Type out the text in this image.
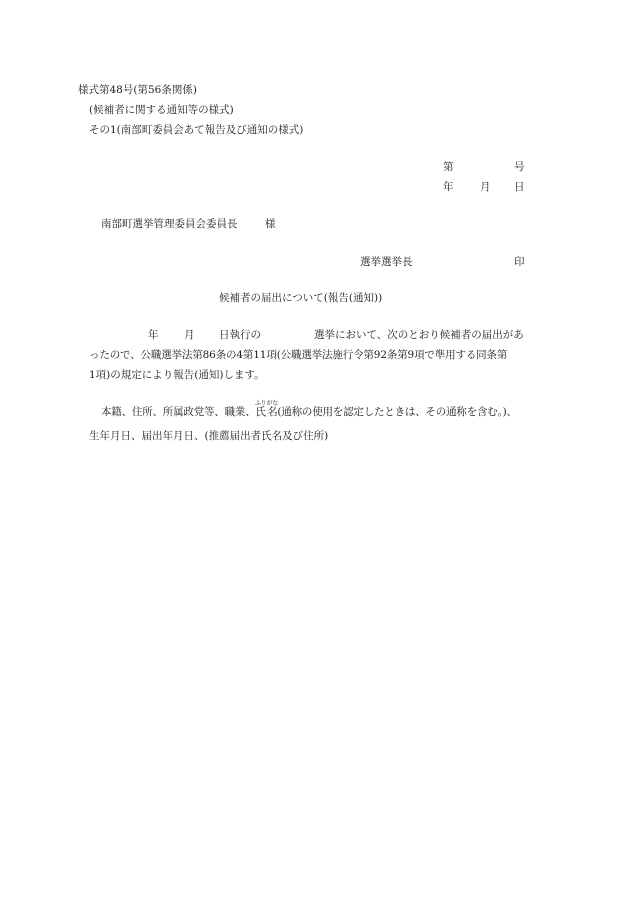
様式第48号(第56条関係)
(候補者に関する通知等の様式)
その1(南部町委員会あて報告及び通知の様式)
第	号
年	月 日
南部町選挙管理委員会委員長	様
選挙選挙長	印
候補者の届出について(報告(通知))
年 月 日執行の	選挙において、次のとおり候補者の届出があ
ったので、公職選挙法第86条の4第11項(公職選挙法施行令第92条第9項で準用する同条第
1項)の規定により報告(通知)します。
本籍、住所、所属政党等、職業、氏名ふりがな(通称の使用を認定したときは、その通称を含む。)、
生年月日、届出年月日、(推薦届出者氏名及び住所)
